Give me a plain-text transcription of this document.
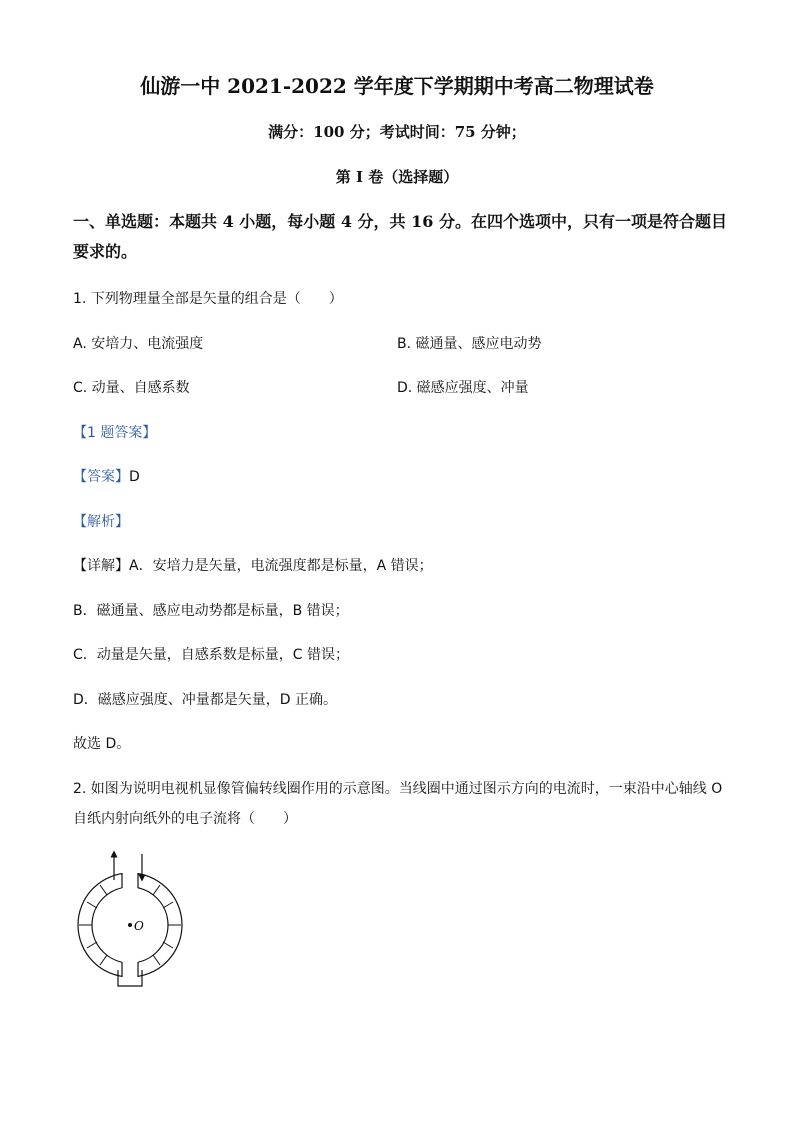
仙游一中 2021-2022 学年度下学期期中考高二物理试卷
满分：100 分；考试时间：75 分钟；
第 I 卷（选择题）
一、单选题：本题共 4 小题，每小题 4 分，共 16 分。在四个选项中，只有一项是符合题目要求的。
1. 下列物理量全部是矢量的组合是（　　）
A. 安培力、电流强度	B. 磁通量、感应电动势
C. 动量、自感系数	D. 磁感应强度、冲量
【1 题答案】
【答案】D
【解析】
【详解】A．安培力是矢量，电流强度都是标量，A 错误；
B．磁通量、感应电动势都是标量，B 错误；
C．动量是矢量，自感系数是标量，C 错误；
D．磁感应强度、冲量都是矢量，D 正确。
故选 D。
2. 如图为说明电视机显像管偏转线圈作用的示意图。当线圈中通过图示方向的电流时，一束沿中心轴线 O
自纸内射向纸外的电子流将（　　）
O
